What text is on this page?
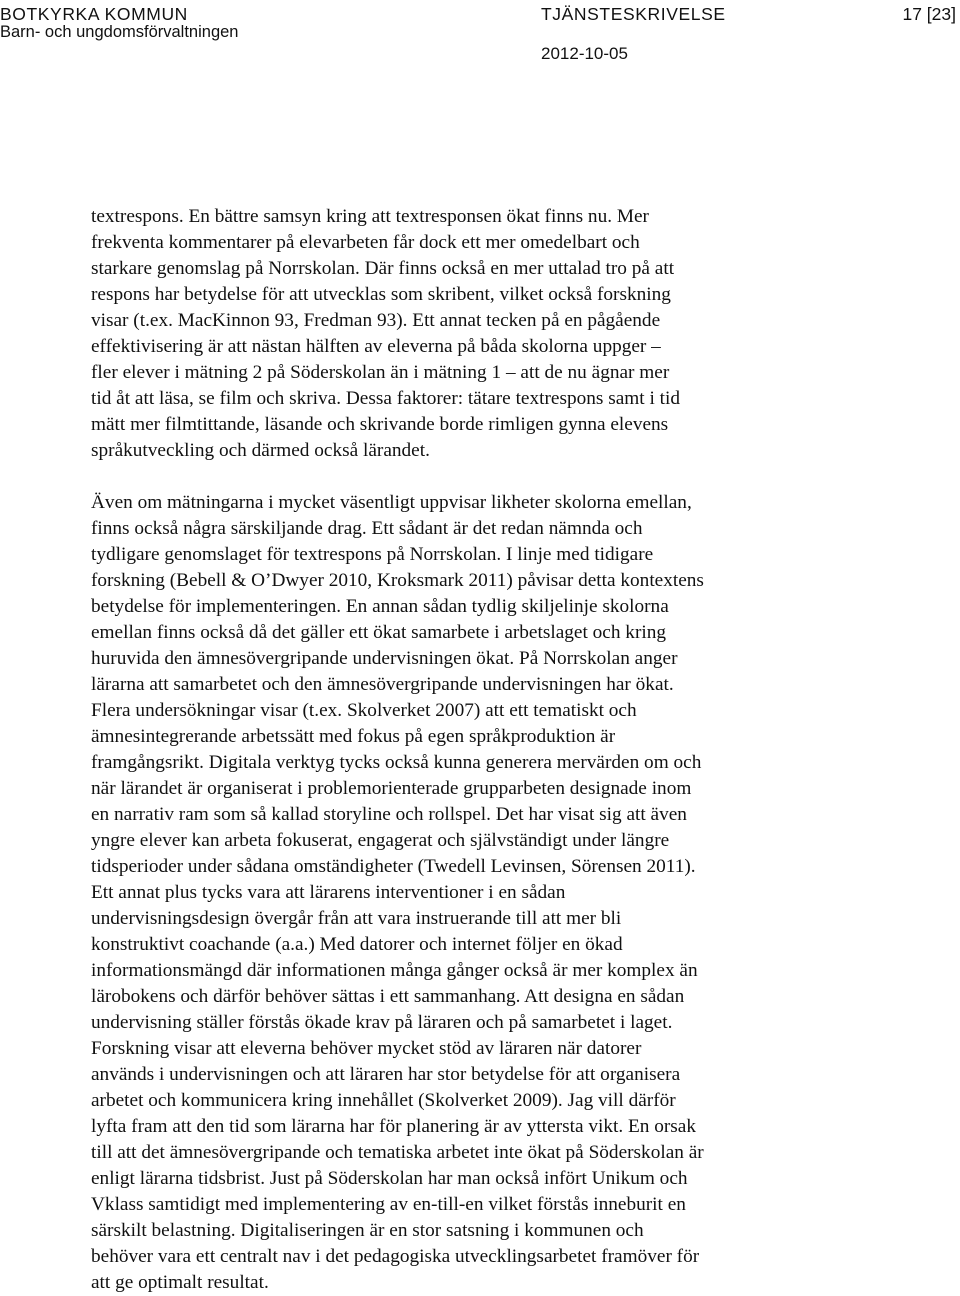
BOTKYRKA KOMMUN
Barn- och ungdomsförvaltningen
TJÄNSTESKRIVELSE	17 [23]
2012-10-05

textrespons. En bättre samsyn kring att textresponsen ökat finns nu. Mer
frekventa kommentarer på elevarbeten får dock ett mer omedelbart och
starkare genomslag på Norrskolan. Där finns också en mer uttalad tro på att
respons har betydelse för att utvecklas som skribent, vilket också forskning
visar (t.ex. MacKinnon 93, Fredman 93). Ett annat tecken på en pågående
effektivisering är att nästan hälften av eleverna på båda skolorna uppger –
fler elever i mätning 2 på Söderskolan än i mätning 1 – att de nu ägnar mer
tid åt att läsa, se film och skriva. Dessa faktorer: tätare textrespons samt i tid
mätt mer filmtittande, läsande och skrivande borde rimligen gynna elevens
språkutveckling och därmed också lärandet.

Även om mätningarna i mycket väsentligt uppvisar likheter skolorna emellan,
finns också några särskiljande drag. Ett sådant är det redan nämnda och
tydligare genomslaget för textrespons på Norrskolan. I linje med tidigare
forskning (Bebell & O’Dwyer 2010, Kroksmark 2011) påvisar detta kontextens
betydelse för implementeringen. En annan sådan tydlig skiljelinje skolorna
emellan finns också då det gäller ett ökat samarbete i arbetslaget och kring
huruvida den ämnesövergripande undervisningen ökat. På Norrskolan anger
lärarna att samarbetet och den ämnesövergripande undervisningen har ökat.
Flera undersökningar visar (t.ex. Skolverket 2007) att ett tematiskt och
ämnesintegrerande arbetssätt med fokus på egen språkproduktion är
framgångsrikt. Digitala verktyg tycks också kunna generera mervärden om och
när lärandet är organiserat i problemorienterade grupparbeten designade inom
en narrativ ram som så kallad storyline och rollspel. Det har visat sig att även
yngre elever kan arbeta fokuserat, engagerat och självständigt under längre
tidsperioder under sådana omständigheter (Twedell Levinsen, Sörensen 2011).
Ett annat plus tycks vara att lärarens interventioner i en sådan
undervisningsdesign övergår från att vara instruerande till att mer bli
konstruktivt coachande (a.a.) Med datorer och internet följer en ökad
informationsmängd där informationen många gånger också är mer komplex än
lärobokens och därför behöver sättas i ett sammanhang. Att designa en sådan
undervisning ställer förstås ökade krav på läraren och på samarbetet i laget.
Forskning visar att eleverna behöver mycket stöd av läraren när datorer
används i undervisningen och att läraren har stor betydelse för att organisera
arbetet och kommunicera kring innehållet (Skolverket 2009). Jag vill därför
lyfta fram att den tid som lärarna har för planering är av yttersta vikt. En orsak
till att det ämnesövergripande och tematiska arbetet inte ökat på Söderskolan är
enligt lärarna tidsbrist. Just på Söderskolan har man också infört Unikum och
Vklass samtidigt med implementering av en-till-en vilket förstås inneburit en
särskilt belastning. Digitaliseringen är en stor satsning i kommunen och
behöver vara ett centralt nav i det pedagogiska utvecklingsarbetet framöver för
att ge optimalt resultat.
